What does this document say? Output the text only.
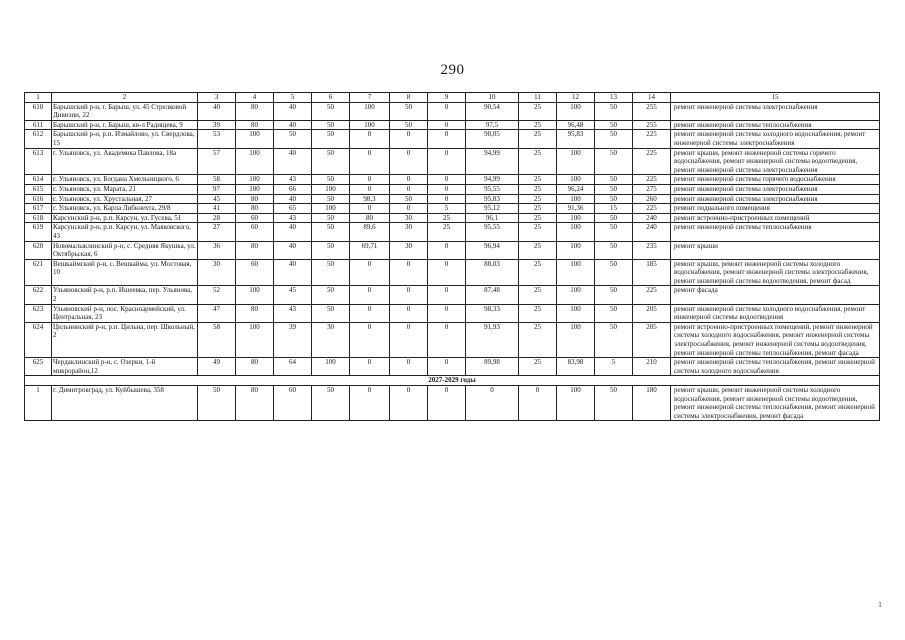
290
1	2	3	4	5	6	7	8	9	10	11	12	13	14	15
610	Барышский р-н, г. Барыш, ул. 45 Стрелковой Дивизии, 22	40	80	40	50	100	50	0	90,54	25	100	50	255	ремонт инженерной системы электроснабжения
611	Барышский р-н, г. Барыш, кв-л Радищева, 9	39	80	40	50	100	50	0	97,5	25	96,48	50	255	ремонт инженерной системы теплоснабжения
612	Барышский р-н, р.п. Измайлово, ул. Свердлова, 15	53	100	50	50	0	0	0	98,05	25	95,83	50	225	ремонт инженерной системы холодного водоснабжения, ремонт инженерной системы электроснабжения
613	г. Ульяновск, ул. Академика Павлова, 18а	57	100	40	50	0	0	0	94,99	25	100	50	225	ремонт крыши, ремонт инженерной системы горячего водоснабжения, ремонт инженерной системы водоотведения, ремонт инженерной системы электроснабжения
614	г. Ульяновск, ул. Богдана Хмельницкого, 6	58	100	43	50	0	0	0	94,99	25	100	50	225	ремонт инженерной системы горячего водоснабжения
615	г. Ульяновск, ул. Марата, 21	97	100	66	100	0	0	0	95,55	25	96,24	50	275	ремонт инженерной системы электроснабжения
616	г. Ульяновск, ул. Хрустальная, 27	45	80	40	50	98,3	50	0	95,83	25	100	50	260	ремонт инженерной системы электроснабжения
617	г. Ульяновск, ул. Карла Либкнехта, 29/8	41	80	65	100	0	0	5	95,12	25	91,36	15	225	ремонт подвального помещения
618	Карсунский р-н, р.п. Карсун, ул. Гусева, 51	28	60	43	50	80	30	25	96,1	25	100	50	240	ремонт встроенно-пристроенных помещений
619	Карсунский р-н, р.п. Карсун, ул. Маяковского, 43	27	60	40	50	89,6	30	25	95,55	25	100	50	240	ремонт инженерной системы теплоснабжения
620	Новомалыклинский р-н, с. Средняя Якушка, ул. Октябрьская, 6	36	80	40	50	69,71	30	0	96,94	25	100	50	235	ремонт крыши
621	Вешкаймский р-н, с. Вешкайма, ул. Мостовая, 10	30	60	40	50	0	0	0	88,03	25	100	50	185	ремонт крыши, ремонт инженерной системы холодного водоснабжения, ремонт инженерной системы электроснабжения, ремонт инженерной системы водоотведения, ремонт фасад
622	Ульяновский р-н, р.п. Ишеевка, пер. Ульянова, 2	52	100	45	50	0	0	0	87,48	25	100	50	225	ремонт фасада
623	Ульяновский р-н, пос. Красноармейский, ул. Центральная, 23	47	80	43	50	0	0	0	98,33	25	100	50	205	ремонт инженерной системы холодного водоснабжения, ремонт инженерной системы водоотведения
624	Цильнинский р-н, р.п. Цильна, пер. Школьный, 2	58	100	39	30	0	0	0	91,93	25	100	50	205	ремонт встроенно-пристроенных помещений, ремонт инженерной системы холодного водоснабжения, ремонт инженерной системы электроснабжения, ремонт инженерной системы водоотведения, ремонт инженерной системы теплоснабжения, ремонт фасада
625	Чердаклинский р-н, с. Озерки, 1-й микрорайон,12	49	80	64	100	0	0	0	89,98	25	83,98	5	210	ремонт инженерной системы теплоснабжения, ремонт инженерной системы холодного водоснабжения
2027-2029 годы														
1	г. Димитровград, ул. Куйбышева, 358	50	80	60	50	0	0	0	0	0	100	50	180	ремонт крыши, ремонт инженерной системы холодного водоснабжения, ремонт инженерной системы водоотведения, ремонт инженерной системы теплоснабжения, ремонт инженерной системы электроснабжения, ремонт фасада
1
